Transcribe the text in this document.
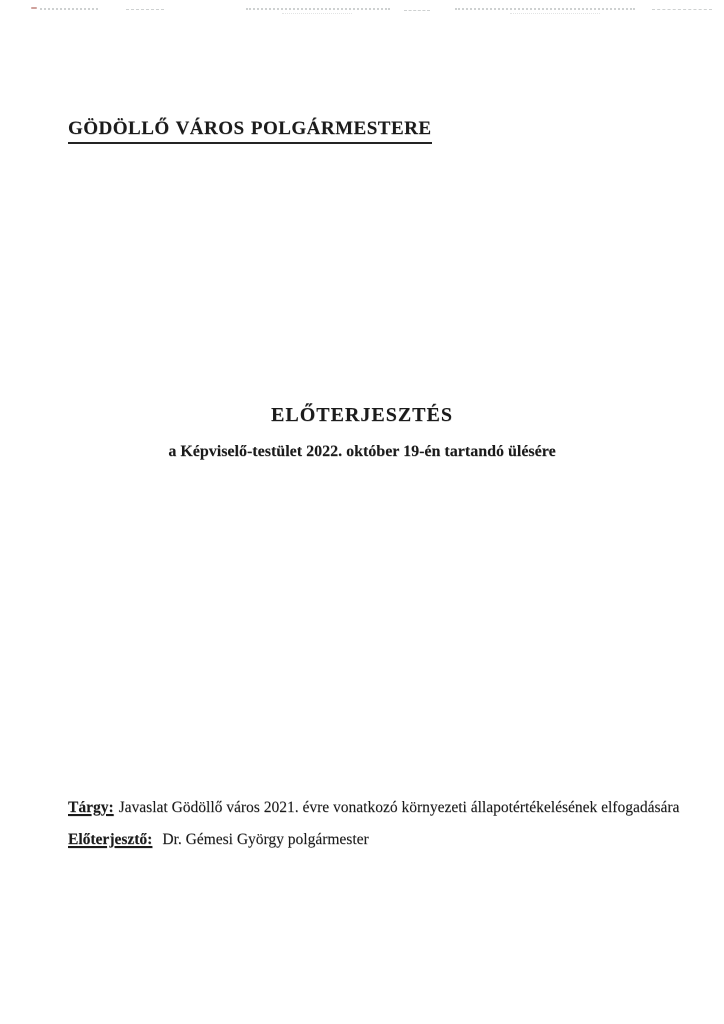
GÖDÖLLŐ VÁROS POLGÁRMESTERE
ELŐTERJESZTÉS
a Képviselő-testület 2022. október 19-én tartandó ülésére

Tárgy: Javaslat Gödöllő város 2021. évre vonatkozó környezeti állapotértékelésének elfogadására

Előterjesztő: Dr. Gémesi György polgármester
